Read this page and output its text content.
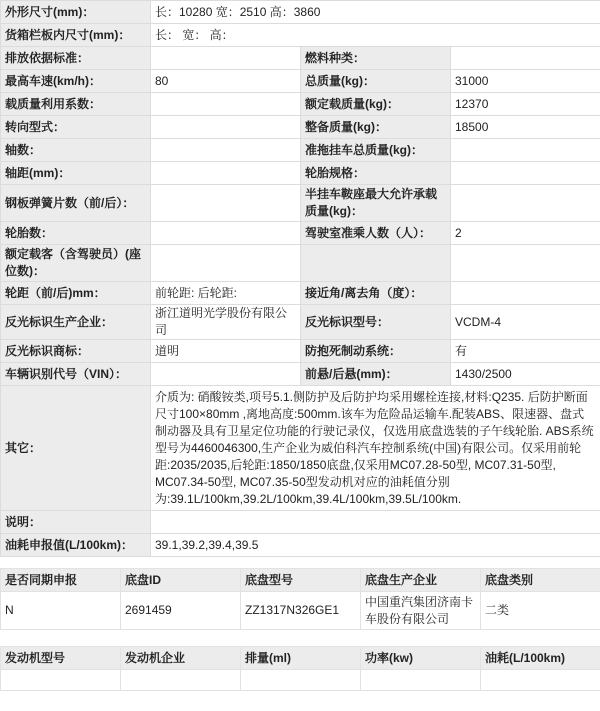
外形尺寸(mm)：	长：10280 宽：2510 高：3860		
货箱栏板内尺寸(mm)：	长： 宽： 高：		
排放依据标准：		燃料种类：	
最高车速(km/h)：	80	总质量(kg)：	31000
载质量利用系数：		额定载质量(kg)：	12370
转向型式：		整备质量(kg)：	18500
轴数：		准拖挂车总质量(kg)：	
轴距(mm)：		轮胎规格：	
钢板弹簧片数（前/后）：		半挂车鞍座最大允许承载质量(kg)：	
轮胎数：		驾驶室准乘人数（人）：	2
额定载客（含驾驶员）(座位数)：			
轮距（前/后)mm：	前轮距: 后轮距:	接近角/离去角（度）：	
反光标识生产企业：	浙江道明光学股份有限公司	反光标识型号：	VCDM-4
反光标识商标：	道明	防抱死制动系统：	有
车辆识别代号（VIN）：		前悬/后悬(mm)：	1430/2500
其它：	介质为: 硝酸铵类,项号5.1.侧防护及后防护均采用螺栓连接,材料:Q235. 后防护断面尺寸100×80mm ,离地高度:500mm.该车为危险品运输车.配装ABS、限速器、盘式制动器及具有卫星定位功能的行驶记录仪，仅选用底盘选装的子午线轮胎. ABS系统型号为4460046300,生产企业为威伯科汽车控制系统(中国)有限公司。仅采用前轮距:2035/2035,后轮距:1850/1850底盘,仅采用MC07.28-50型, MC07.31-50型, MC07.34-50型, MC07.35-50型发动机对应的油耗值分别为:39.1L/100km,39.2L/100km,39.4L/100km,39.5L/100km.		
说明：			
油耗申报值(L/100km)：	39.1,39.2,39.4,39.5		
是否同期申报	底盘ID	底盘型号	底盘生产企业	底盘类别
N	2691459	ZZ1317N326GE1	中国重汽集团济南卡车股份有限公司	二类
发动机型号	发动机企业	排量(ml)	功率(kw)	油耗(L/100km)
